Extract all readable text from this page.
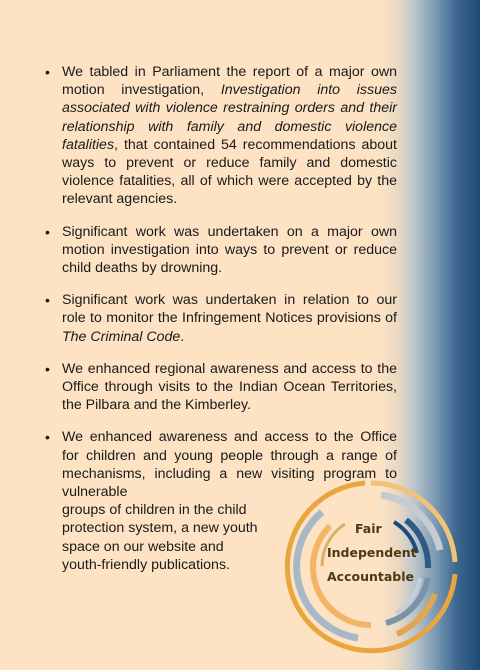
• We tabled in Parliament the report of a major own motion investigation, Investigation into issues associated with violence restraining orders and their relationship with family and domestic violence fatalities, that contained 54 recommendations about ways to prevent or reduce family and domestic violence fatalities, all of which were accepted by the relevant agencies.
• Significant work was undertaken on a major own motion investigation into ways to prevent or reduce child deaths by drowning.
• Significant work was undertaken in relation to our role to monitor the Infringement Notices provisions of The Criminal Code.
• We enhanced regional awareness and access to the Office through visits to the Indian Ocean Territories, the Pilbara and the Kimberley.
• We enhanced awareness and access to the Office for children and young people through a range of mechanisms, including a new visiting program to vulnerable
groups of children in the child protection system, a new youth space on our website and youth-friendly publications.
Fair
Independent
Accountable
